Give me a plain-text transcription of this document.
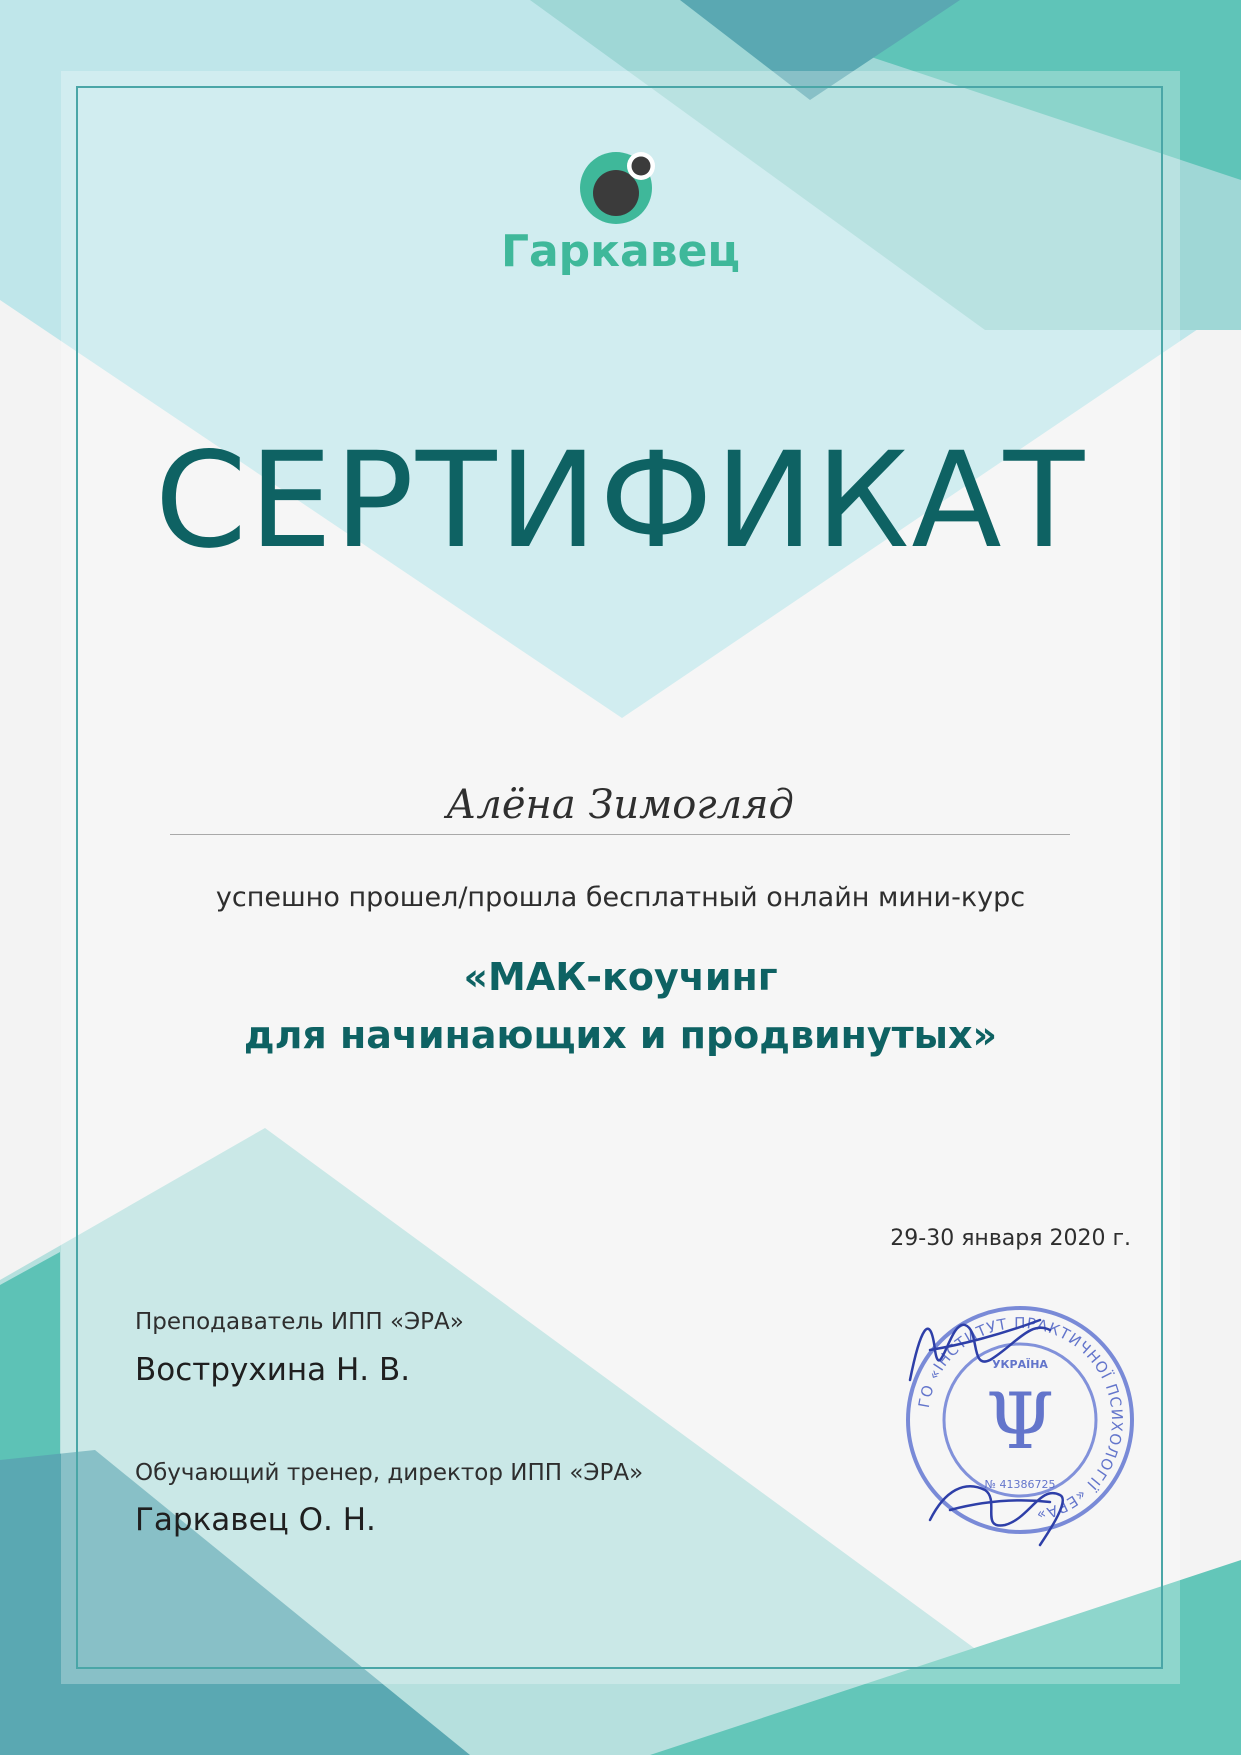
Гаркавец
СЕРТИФИКАТ
Алёна Зимогляд
успешно прошел/прошла бесплатный онлайн мини-курс
«МАК-коучинг
для начинающих и продвинутых»
29-30 января 2020 г.
Преподаватель ИПП «ЭРА»
Вострухина Н. В.
Обучающий тренер, директор ИПП «ЭРА»
Гаркавец О. Н.
ГО «ІНСТИТУТ ПРАКТИЧНОЇ ПСИХОЛОГІЇ «ЕРА»
УКРАЇНА
Ψ
№ 41386725
